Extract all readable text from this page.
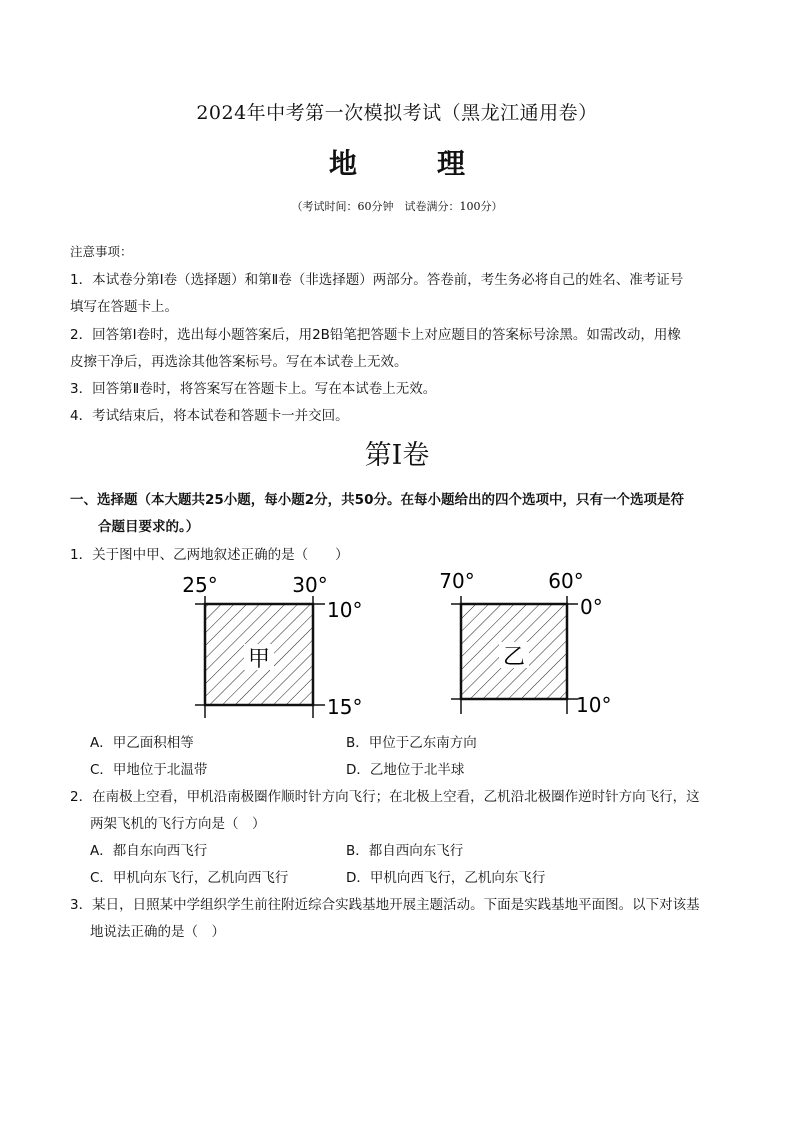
2024年中考第一次模拟考试（黑龙江通用卷）
地　理
（考试时间：60分钟　试卷满分：100分）
注意事项：
1．本试卷分第Ⅰ卷（选择题）和第Ⅱ卷（非选择题）两部分。答卷前，考生务必将自己的姓名、准考证号
填写在答题卡上。
2．回答第Ⅰ卷时，选出每小题答案后，用2B铅笔把答题卡上对应题目的答案标号涂黑。如需改动，用橡
皮擦干净后，再选涂其他答案标号。写在本试卷上无效。
3．回答第Ⅱ卷时，将答案写在答题卡上。写在本试卷上无效。
4．考试结束后，将本试卷和答题卡一并交回。
第Ⅰ卷
一、选择题（本大题共25小题，每小题2分，共50分。在每小题给出的四个选项中，只有一个选项是符
合题目要求的。）
1．关于图中甲、乙两地叙述正确的是（　　）
甲
25°	30°
10°
15°
乙
70°	60°
0°
10°
A．甲乙面积相等	B．甲位于乙东南方向
C．甲地位于北温带	D．乙地位于北半球
2．在南极上空看，甲机沿南极圈作顺时针方向飞行；在北极上空看，乙机沿北极圈作逆时针方向飞行，这
两架飞机的飞行方向是（　）
A．都自东向西飞行	B．都自西向东飞行
C．甲机向东飞行，乙机向西飞行	D．甲机向西飞行，乙机向东飞行
3．某日，日照某中学组织学生前往附近综合实践基地开展主题活动。下面是实践基地平面图。以下对该基
地说法正确的是（　）
